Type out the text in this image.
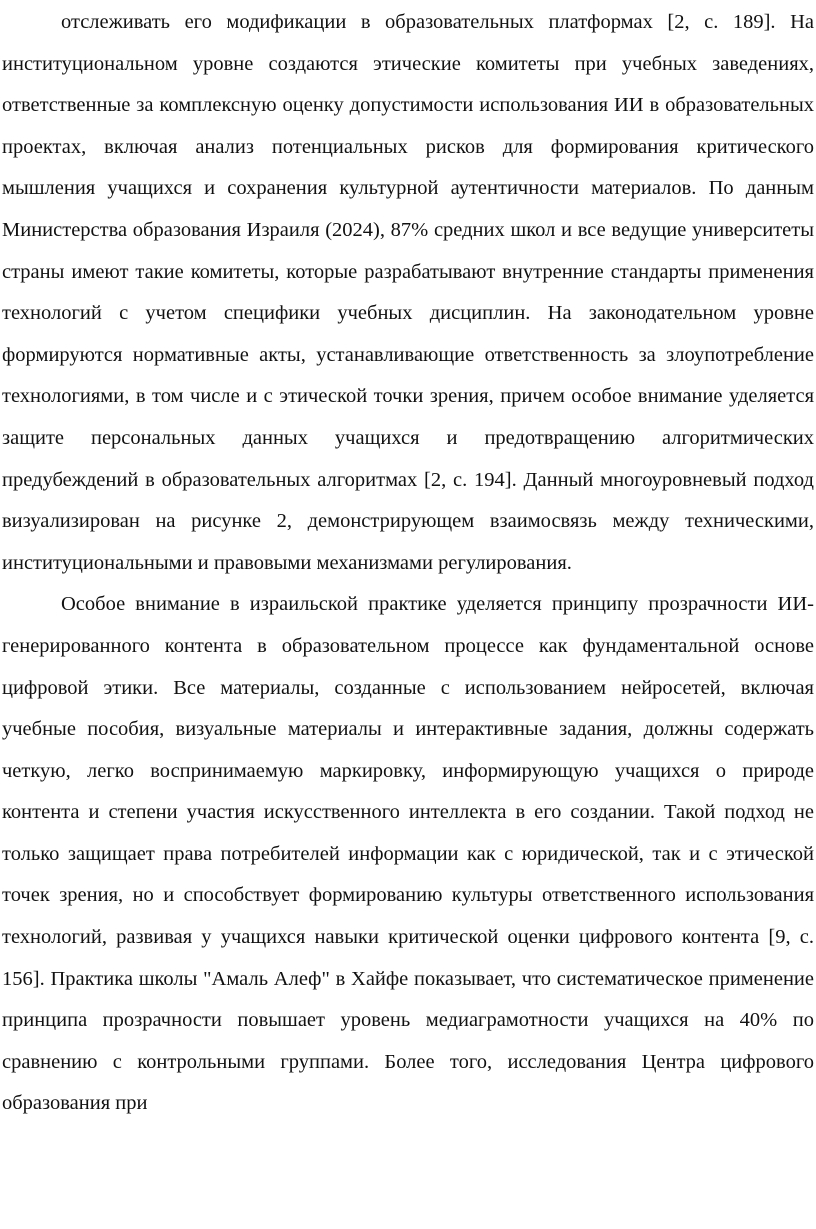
отслеживать его модификации в образовательных платформах [2, с. 189]. На институциональном уровне создаются этические комитеты при учебных заведениях, ответственные за комплексную оценку допустимости использования ИИ в образовательных проектах, включая анализ потенциальных рисков для формирования критического мышления учащихся и сохранения культурной аутентичности материалов. По данным Министерства образования Израиля (2024), 87% средних школ и все ведущие университеты страны имеют такие комитеты, которые разрабатывают внутренние стандарты применения технологий с учетом специфики учебных дисциплин. На законодательном уровне формируются нормативные акты, устанавливающие ответственность за злоупотребление технологиями, в том числе и с этической точки зрения, причем особое внимание уделяется защите персональных данных учащихся и предотвращению алгоритмических предубеждений в образовательных алгоритмах [2, с. 194]. Данный многоуровневый подход визуализирован на рисунке 2, демонстрирующем взаимосвязь между техническими, институциональными и правовыми механизмами регулирования.

Особое внимание в израильской практике уделяется принципу прозрачности ИИ-генерированного контента в образовательном процессе как фундаментальной основе цифровой этики. Все материалы, созданные с использованием нейросетей, включая учебные пособия, визуальные материалы и интерактивные задания, должны содержать четкую, легко воспринимаемую маркировку, информирующую учащихся о природе контента и степени участия искусственного интеллекта в его создании. Такой подход не только защищает права потребителей информации как с юридической, так и с этической точек зрения, но и способствует формированию культуры ответственного использования технологий, развивая у учащихся навыки критической оценки цифрового контента [9, с. 156]. Практика школы "Амаль Алеф" в Хайфе показывает, что систематическое применение принципа прозрачности повышает уровень медиаграмотности учащихся на 40% по сравнению с контрольными группами. Более того, исследования Центра цифрового образования при
